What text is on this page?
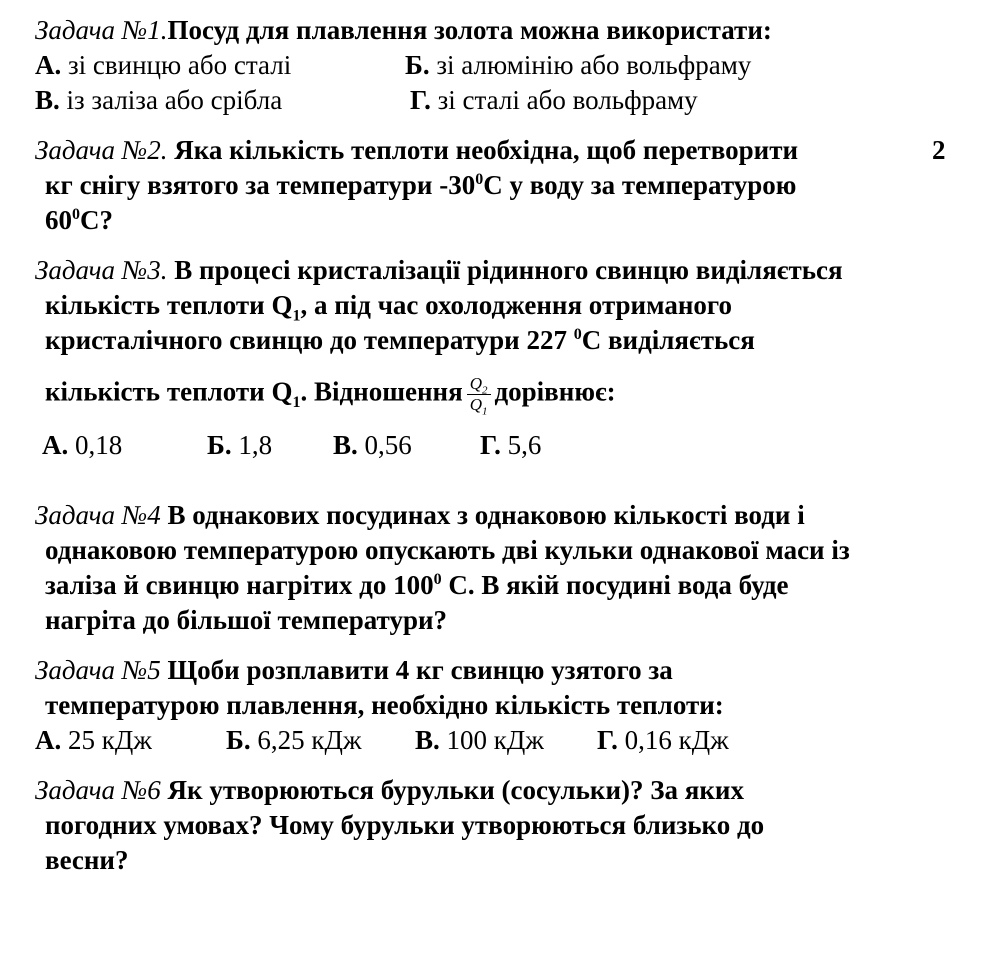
Задача №1.Посуд для плавлення золота можна використати:
А. зі свинцю або сталі	Б. зі алюмінію або вольфраму
В. із заліза або срібла	Г. зі сталі або вольфраму
Задача №2. Яка кількість теплоти необхідна, щоб перетворити	2
кг снігу взятого за температури $-30^0С$ у воду за температурою
$60^0С$?
Задача №3. В процесі кристалізації рідинного свинцю виділяється
кількість теплоти $Q_1$, а під час охолодження отриманого
кристалічного свинцю до температури 227 $^0$С виділяється
кількість теплоти $Q_1$. Відношення $\frac{Q_2}{Q_1}$ дорівнює:
А. 0,18	Б. 1,8 В. 0,56	Г. 5,6
Задача №4 В однакових посудинах з однаковою кількості води і
однаковою температурою опускають дві кульки однакової маси із
заліза й свинцю нагрітих до $100^0$ С. В якій посудині вода буде
нагріта до більшої температури?
Задача №5 Щоби розплавити 4 кг свинцю узятого за
температурою плавлення, необхідно кількість теплоти:
А. 25 кДж	Б. 6,25 кДж В. 100 кДж Г. 0,16 кДж
Задача №6 Як утворюються бурульки (сосульки)? За яких
погодних умовах? Чому бурульки утворюються близько до
весни?
